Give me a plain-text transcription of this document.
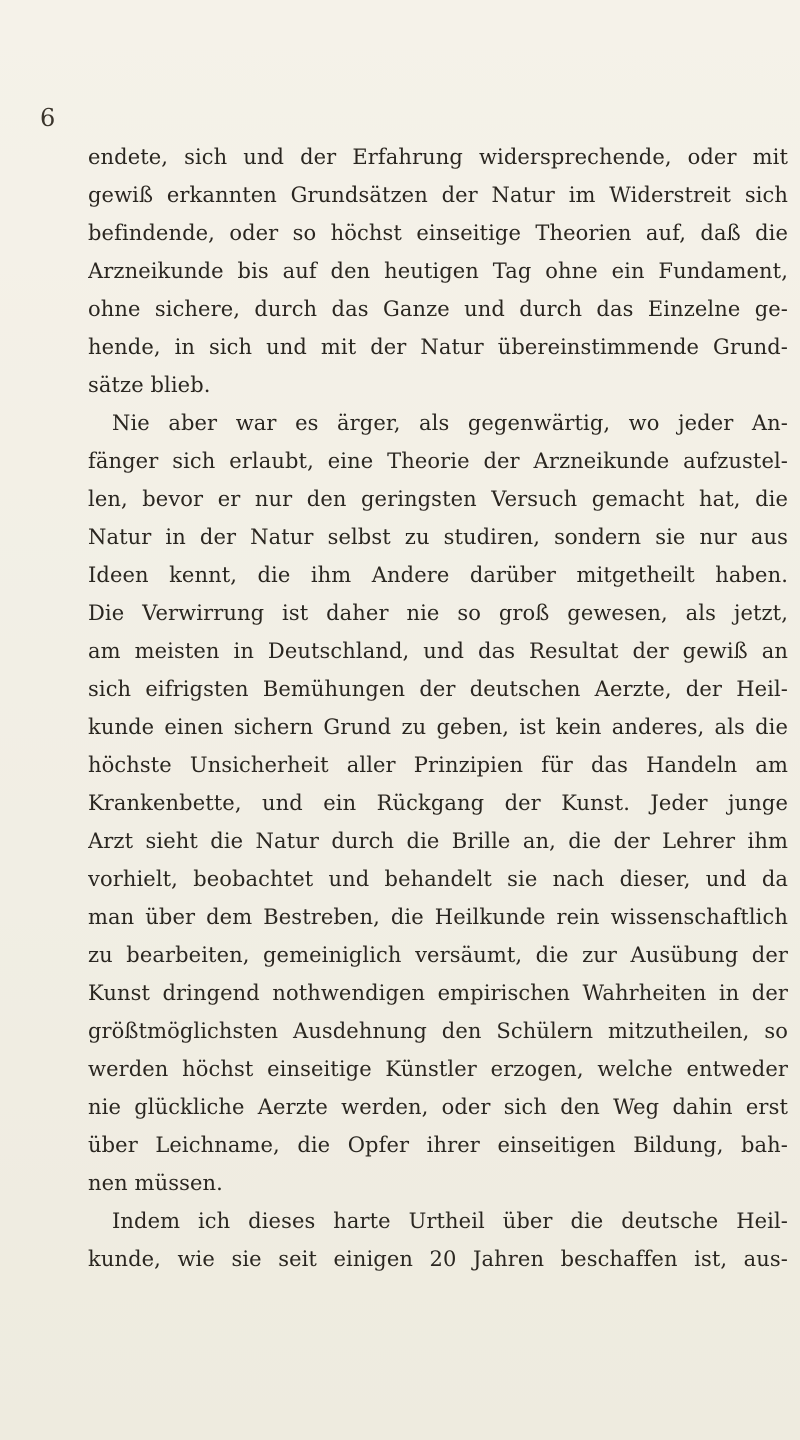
6
endete, sich und der Erfahrung widersprechende, oder mit
gewiß erkannten Grundsätzen der Natur im Widerstreit sich
befindende, oder so höchst einseitige Theorien auf, daß die
Arzneikunde bis auf den heutigen Tag ohne ein Fundament,
ohne sichere, durch das Ganze und durch das Einzelne ge-
hende, in sich und mit der Natur übereinstimmende Grund-
sätze blieb.
Nie aber war es ärger, als gegenwärtig, wo jeder An-
fänger sich erlaubt, eine Theorie der Arzneikunde aufzustel-
len, bevor er nur den geringsten Versuch gemacht hat, die
Natur in der Natur selbst zu studiren, sondern sie nur aus
Ideen kennt, die ihm Andere darüber mitgetheilt haben.
Die Verwirrung ist daher nie so groß gewesen, als jetzt,
am meisten in Deutschland, und das Resultat der gewiß an
sich eifrigsten Bemühungen der deutschen Aerzte, der Heil-
kunde einen sichern Grund zu geben, ist kein anderes, als die
höchste Unsicherheit aller Prinzipien für das Handeln am
Krankenbette, und ein Rückgang der Kunst. Jeder junge
Arzt sieht die Natur durch die Brille an, die der Lehrer ihm
vorhielt, beobachtet und behandelt sie nach dieser, und da
man über dem Bestreben, die Heilkunde rein wissenschaftlich
zu bearbeiten, gemeiniglich versäumt, die zur Ausübung der
Kunst dringend nothwendigen empirischen Wahrheiten in der
größtmöglichsten Ausdehnung den Schülern mitzutheilen, so
werden höchst einseitige Künstler erzogen, welche entweder
nie glückliche Aerzte werden, oder sich den Weg dahin erst
über Leichname, die Opfer ihrer einseitigen Bildung, bah-
nen müssen.
Indem ich dieses harte Urtheil über die deutsche Heil-
kunde, wie sie seit einigen 20 Jahren beschaffen ist, aus-
